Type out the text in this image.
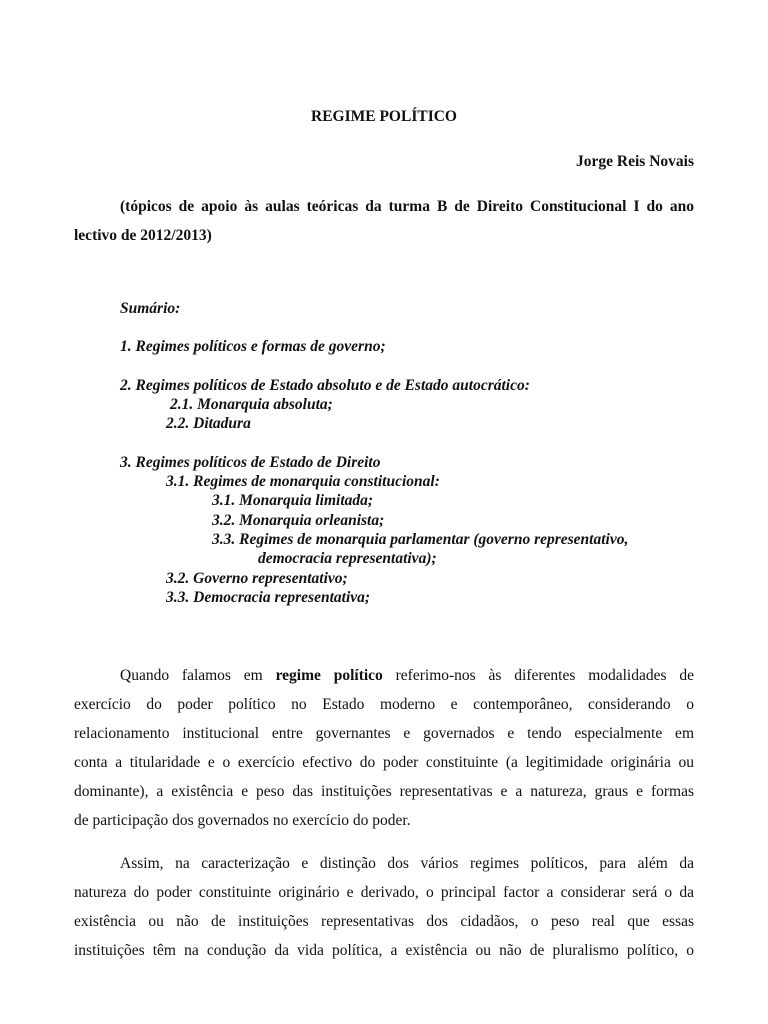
REGIME POLÍTICO
Jorge Reis Novais
(tópicos de apoio às aulas teóricas da turma B de Direito Constitucional I do ano
lectivo de 2012/2013)
Sumário:
1. Regimes políticos e formas de governo;
2. Regimes políticos de Estado absoluto e de Estado autocrático:
2.1. Monarquia absoluta;
2.2. Ditadura
3. Regimes políticos de Estado de Direito
3.1. Regimes de monarquia constitucional:
3.1. Monarquia limitada;
3.2. Monarquia orleanista;
3.3. Regimes de monarquia parlamentar (governo representativo,
democracia representativa);
3.2. Governo representativo;
3.3. Democracia representativa;
Quando falamos em regime político referimo-nos às diferentes modalidades de
exercício do poder político no Estado moderno e contemporâneo, considerando o
relacionamento institucional entre governantes e governados e tendo especialmente em
conta a titularidade e o exercício efectivo do poder constituinte (a legitimidade originária ou
dominante), a existência e peso das instituições representativas e a natureza, graus e formas
de participação dos governados no exercício do poder.
Assim, na caracterização e distinção dos vários regimes políticos, para além da
natureza do poder constituinte originário e derivado, o principal factor a considerar será o da
existência ou não de instituições representativas dos cidadãos, o peso real que essas
instituições têm na condução da vida política, a existência ou não de pluralismo político, o
